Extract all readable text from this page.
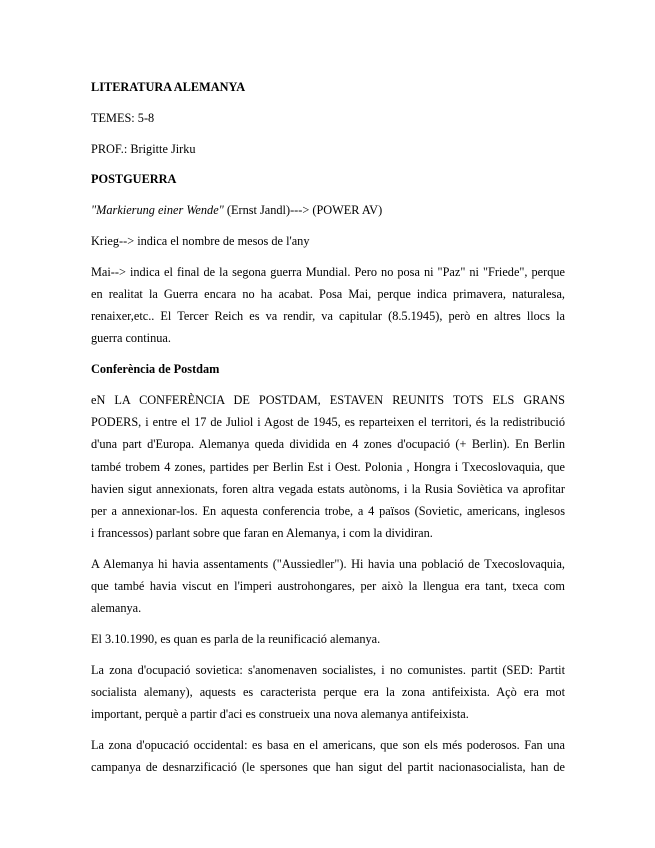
LITERATURA ALEMANYA

TEMES: 5-8

PROF.: Brigitte Jirku

POSTGUERRA

"Markierung einer Wende" (Ernst Jandl)---> (POWER AV)

Krieg--> indica el nombre de mesos de l'any

Mai--> indica el final de la segona guerra Mundial. Pero no posa ni "Paz" ni "Friede", perque
en realitat la Guerra encara no ha acabat. Posa Mai, perque indica primavera, naturalesa,
renaixer,etc.. El Tercer Reich es va rendir, va capitular (8.5.1945), però en altres llocs la
guerra continua.

Conferència de Postdam

eN LA CONFERÈNCIA DE POSTDAM, ESTAVEN REUNITS TOTS ELS GRANS
PODERS, i entre el 17 de Juliol i Agost de 1945, es reparteixen el territori, és la redistribució
d'una part d'Europa. Alemanya queda dividida en 4 zones d'ocupació (+ Berlin). En Berlin
també trobem 4 zones, partides per Berlin Est i Oest. Polonia , Hongra i Txecoslovaquia, que
havien sigut annexionats, foren altra vegada estats autònoms, i la Rusia Soviètica va aprofitar
per a annexionar-los. En aquesta conferencia trobe, a 4 països (Sovietic, americans, inglesos
i francessos) parlant sobre que faran en Alemanya, i com la dividiran.

A Alemanya hi havia assentaments ("Aussiedler"). Hi havia una població de Txecoslovaquia,
que també havia viscut en l'imperi austrohongares, per això la llengua era tant, txeca com
alemanya.

El 3.10.1990, es quan es parla de la reunificació alemanya.

La zona d'ocupació sovietica: s'anomenaven socialistes, i no comunistes. partit (SED: Partit
socialista alemany), aquests es caracterista perque era la zona antifeixista. Açò era mot
important, perquè a partir d'aci es construeix una nova alemanya antifeixista.

La zona d'opucació occidental: es basa en el americans, que son els més poderosos. Fan una
campanya de desnarzificació (le spersones que han sigut del partit nacionasocialista, han de
